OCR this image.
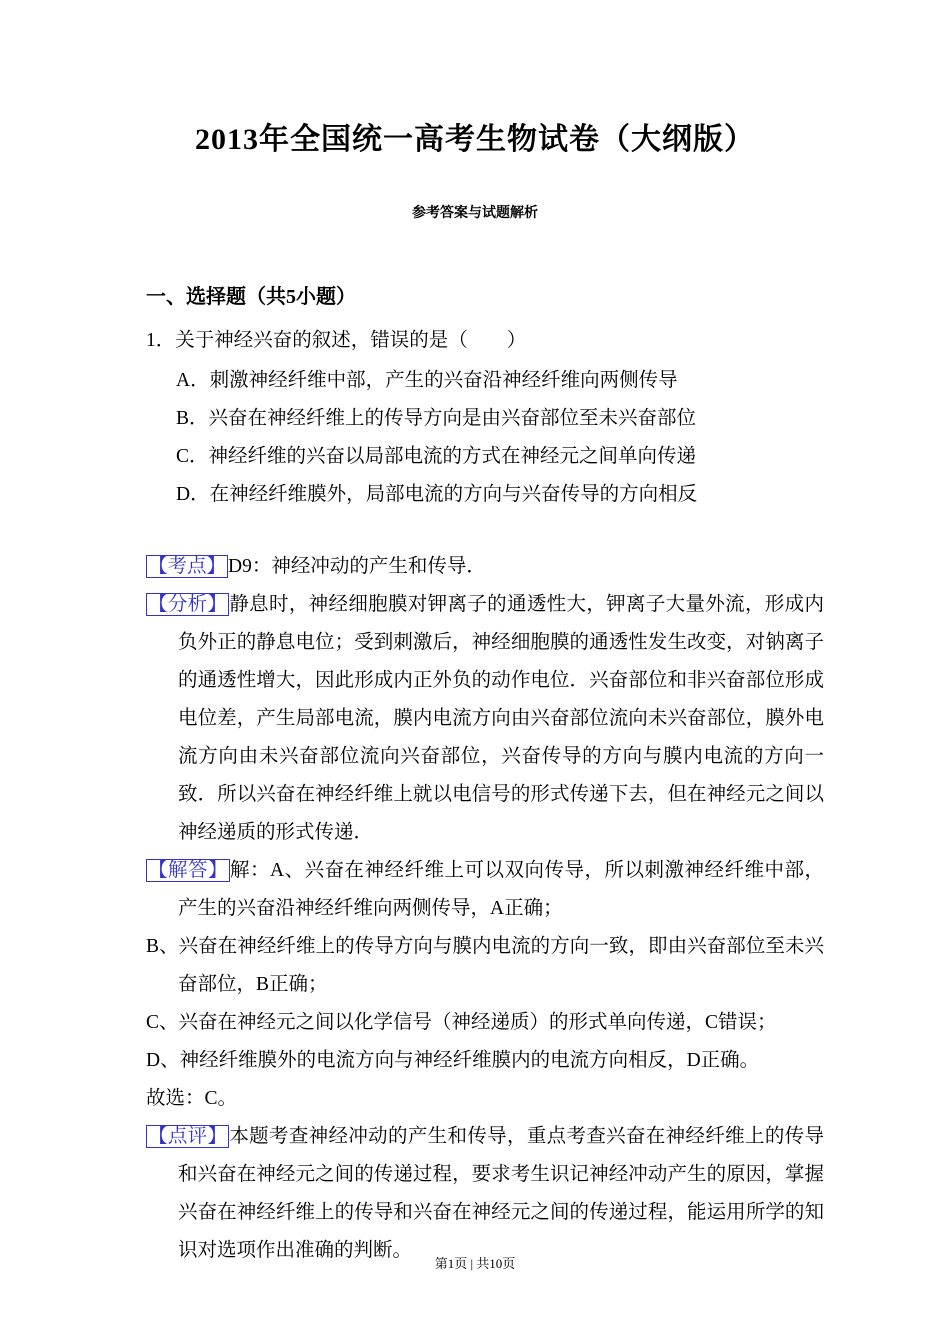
2013年全国统一高考生物试卷（大纲版）
参考答案与试题解析
一、选择题（共5小题）
1．关于神经兴奋的叙述，错误的是（　　）
A．刺激神经纤维中部，产生的兴奋沿神经纤维向两侧传导
B．兴奋在神经纤维上的传导方向是由兴奋部位至未兴奋部位
C．神经纤维的兴奋以局部电流的方式在神经元之间单向传递
D．在神经纤维膜外，局部电流的方向与兴奋传导的方向相反

【考点】 D9：神经冲动的产生和传导．

【分析】 静息时，神经细胞膜对钾离子的通透性大，钾离子大量外流，形成内负外正的静息电位；受到刺激后，神经细胞膜的通透性发生改变，对钠离子的通透性增大，因此形成内正外负的动作电位．兴奋部位和非兴奋部位形成电位差，产生局部电流，膜内电流方向由兴奋部位流向未兴奋部位，膜外电流方向由未兴奋部位流向兴奋部位，兴奋传导的方向与膜内电流的方向一致．所以兴奋在神经纤维上就以电信号的形式传递下去，但在神经元之间以神经递质的形式传递．

【解答】 解：A、兴奋在神经纤维上可以双向传导，所以刺激神经纤维中部，产生的兴奋沿神经纤维向两侧传导，A正确；

B、兴奋在神经纤维上的传导方向与膜内电流的方向一致，即由兴奋部位至未兴奋部位，B正确；

C、兴奋在神经元之间以化学信号（神经递质）的形式单向传递，C错误；

D、神经纤维膜外的电流方向与神经纤维膜内的电流方向相反，D正确。

故选：C。

【点评】 本题考查神经冲动的产生和传导，重点考查兴奋在神经纤维上的传导和兴奋在神经元之间的传递过程，要求考生识记神经冲动产生的原因，掌握兴奋在神经纤维上的传导和兴奋在神经元之间的传递过程，能运用所学的知识对选项作出准确的判断。

第1页 | 共10页
